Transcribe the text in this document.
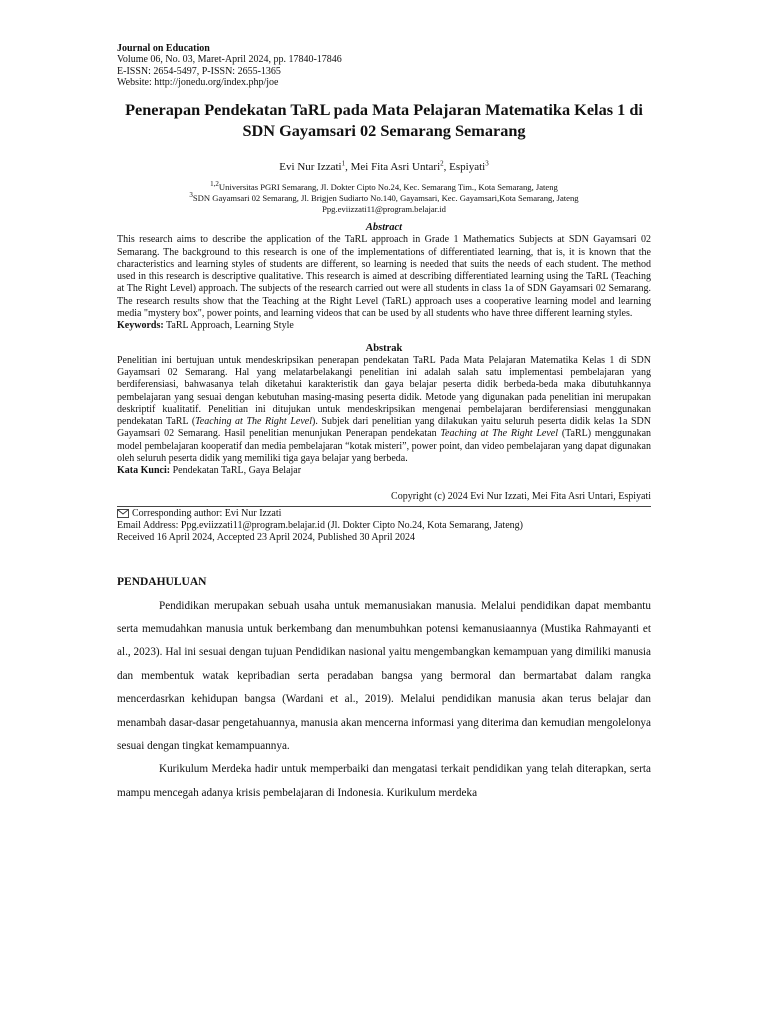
Journal on Education
Volume 06, No. 03, Maret-April 2024, pp. 17840-17846
E-ISSN: 2654-5497, P-ISSN: 2655-1365
Website: http://jonedu.org/index.php/joe
Penerapan Pendekatan TaRL pada Mata Pelajaran Matematika Kelas 1 di SDN Gayamsari 02 Semarang Semarang
Evi Nur Izzati$^1$, Mei Fita Asri Untari$^2$, Espiyati$^3$
$^{1,2}$Universitas PGRI Semarang, Jl. Dokter Cipto No.24, Kec. Semarang Tim., Kota Semarang, Jateng
$^3$SDN Gayamsari 02 Semarang, Jl. Brigjen Sudiarto No.140, Gayamsari, Kec. Gayamsari,Kota Semarang, Jateng
Ppg.eviizzati11@program.belajar.id
Abstract
This research aims to describe the application of the TaRL approach in Grade 1 Mathematics Subjects at SDN Gayamsari 02 Semarang. The background to this research is one of the implementations of differentiated learning, that is, it is known that the characteristics and learning styles of students are different, so learning is needed that suits the needs of each student. The method used in this research is descriptive qualitative. This research is aimed at describing differentiated learning using the TaRL (Teaching at The Right Level) approach. The subjects of the research carried out were all students in class 1a of SDN Gayamsari 02 Semarang. The research results show that the Teaching at the Right Level (TaRL) approach uses a cooperative learning model and learning media "mystery box", power points, and learning videos that can be used by all students who have three different learning styles.
Keywords: TaRL Approach, Learning Style
Abstrak
Penelitian ini bertujuan untuk mendeskripsikan penerapan pendekatan TaRL Pada Mata Pelajaran Matematika Kelas 1 di SDN Gayamsari 02 Semarang. Hal yang melatarbelakangi penelitian ini adalah salah satu implementasi pembelajaran yang berdiferensiasi, bahwasanya telah diketahui karakteristik dan gaya belajar peserta didik berbeda-beda maka dibutuhkannya pembelajaran yang sesuai dengan kebutuhan masing-masing peserta didik. Metode yang digunakan pada penelitian ini merupakan deskriptif kualitatif. Penelitian ini ditujukan untuk mendeskripsikan mengenai pembelajaran berdiferensiasi menggunakan pendekatan TaRL (Teaching at The Right Level). Subjek dari penelitian yang dilakukan yaitu seluruh peserta didik kelas 1a SDN Gayamsari 02 Semarang. Hasil penelitian menunjukan Penerapan pendekatan Teaching at The Right Level (TaRL) menggunakan model pembelajaran kooperatif dan media pembelajaran “kotak misteri”, power point, dan video pembelajaran yang dapat digunakan oleh seluruh peserta didik yang memiliki tiga gaya belajar yang berbeda.
Kata Kunci: Pendekatan TaRL, Gaya Belajar
Copyright (c) 2024 Evi Nur Izzati, Mei Fita Asri Untari, Espiyati
Corresponding author: Evi Nur Izzati
Email Address: Ppg.eviizzati11@program.belajar.id (Jl. Dokter Cipto No.24, Kota Semarang, Jateng)
Received 16 April 2024, Accepted 23 April 2024, Published 30 April 2024
PENDAHULUAN

Pendidikan merupakan sebuah usaha untuk memanusiakan manusia. Melalui pendidikan dapat membantu serta memudahkan manusia untuk berkembang dan menumbuhkan potensi kemanusiaannya (Mustika Rahmayanti et al., 2023). Hal ini sesuai dengan tujuan Pendidikan nasional yaitu mengembangkan kemampuan yang dimiliki manusia dan membentuk watak kepribadian serta peradaban bangsa yang bermoral dan bermartabat dalam rangka mencerdasrkan kehidupan bangsa (Wardani et al., 2019). Melalui pendidikan manusia akan terus belajar dan menambah dasar-dasar pengetahuannya, manusia akan mencerna informasi yang diterima dan kemudian mengolelonya sesuai dengan tingkat kemampuannya.

Kurikulum Merdeka hadir untuk memperbaiki dan mengatasi terkait pendidikan yang telah diterapkan, serta mampu mencegah adanya krisis pembelajaran di Indonesia. Kurikulum merdeka
